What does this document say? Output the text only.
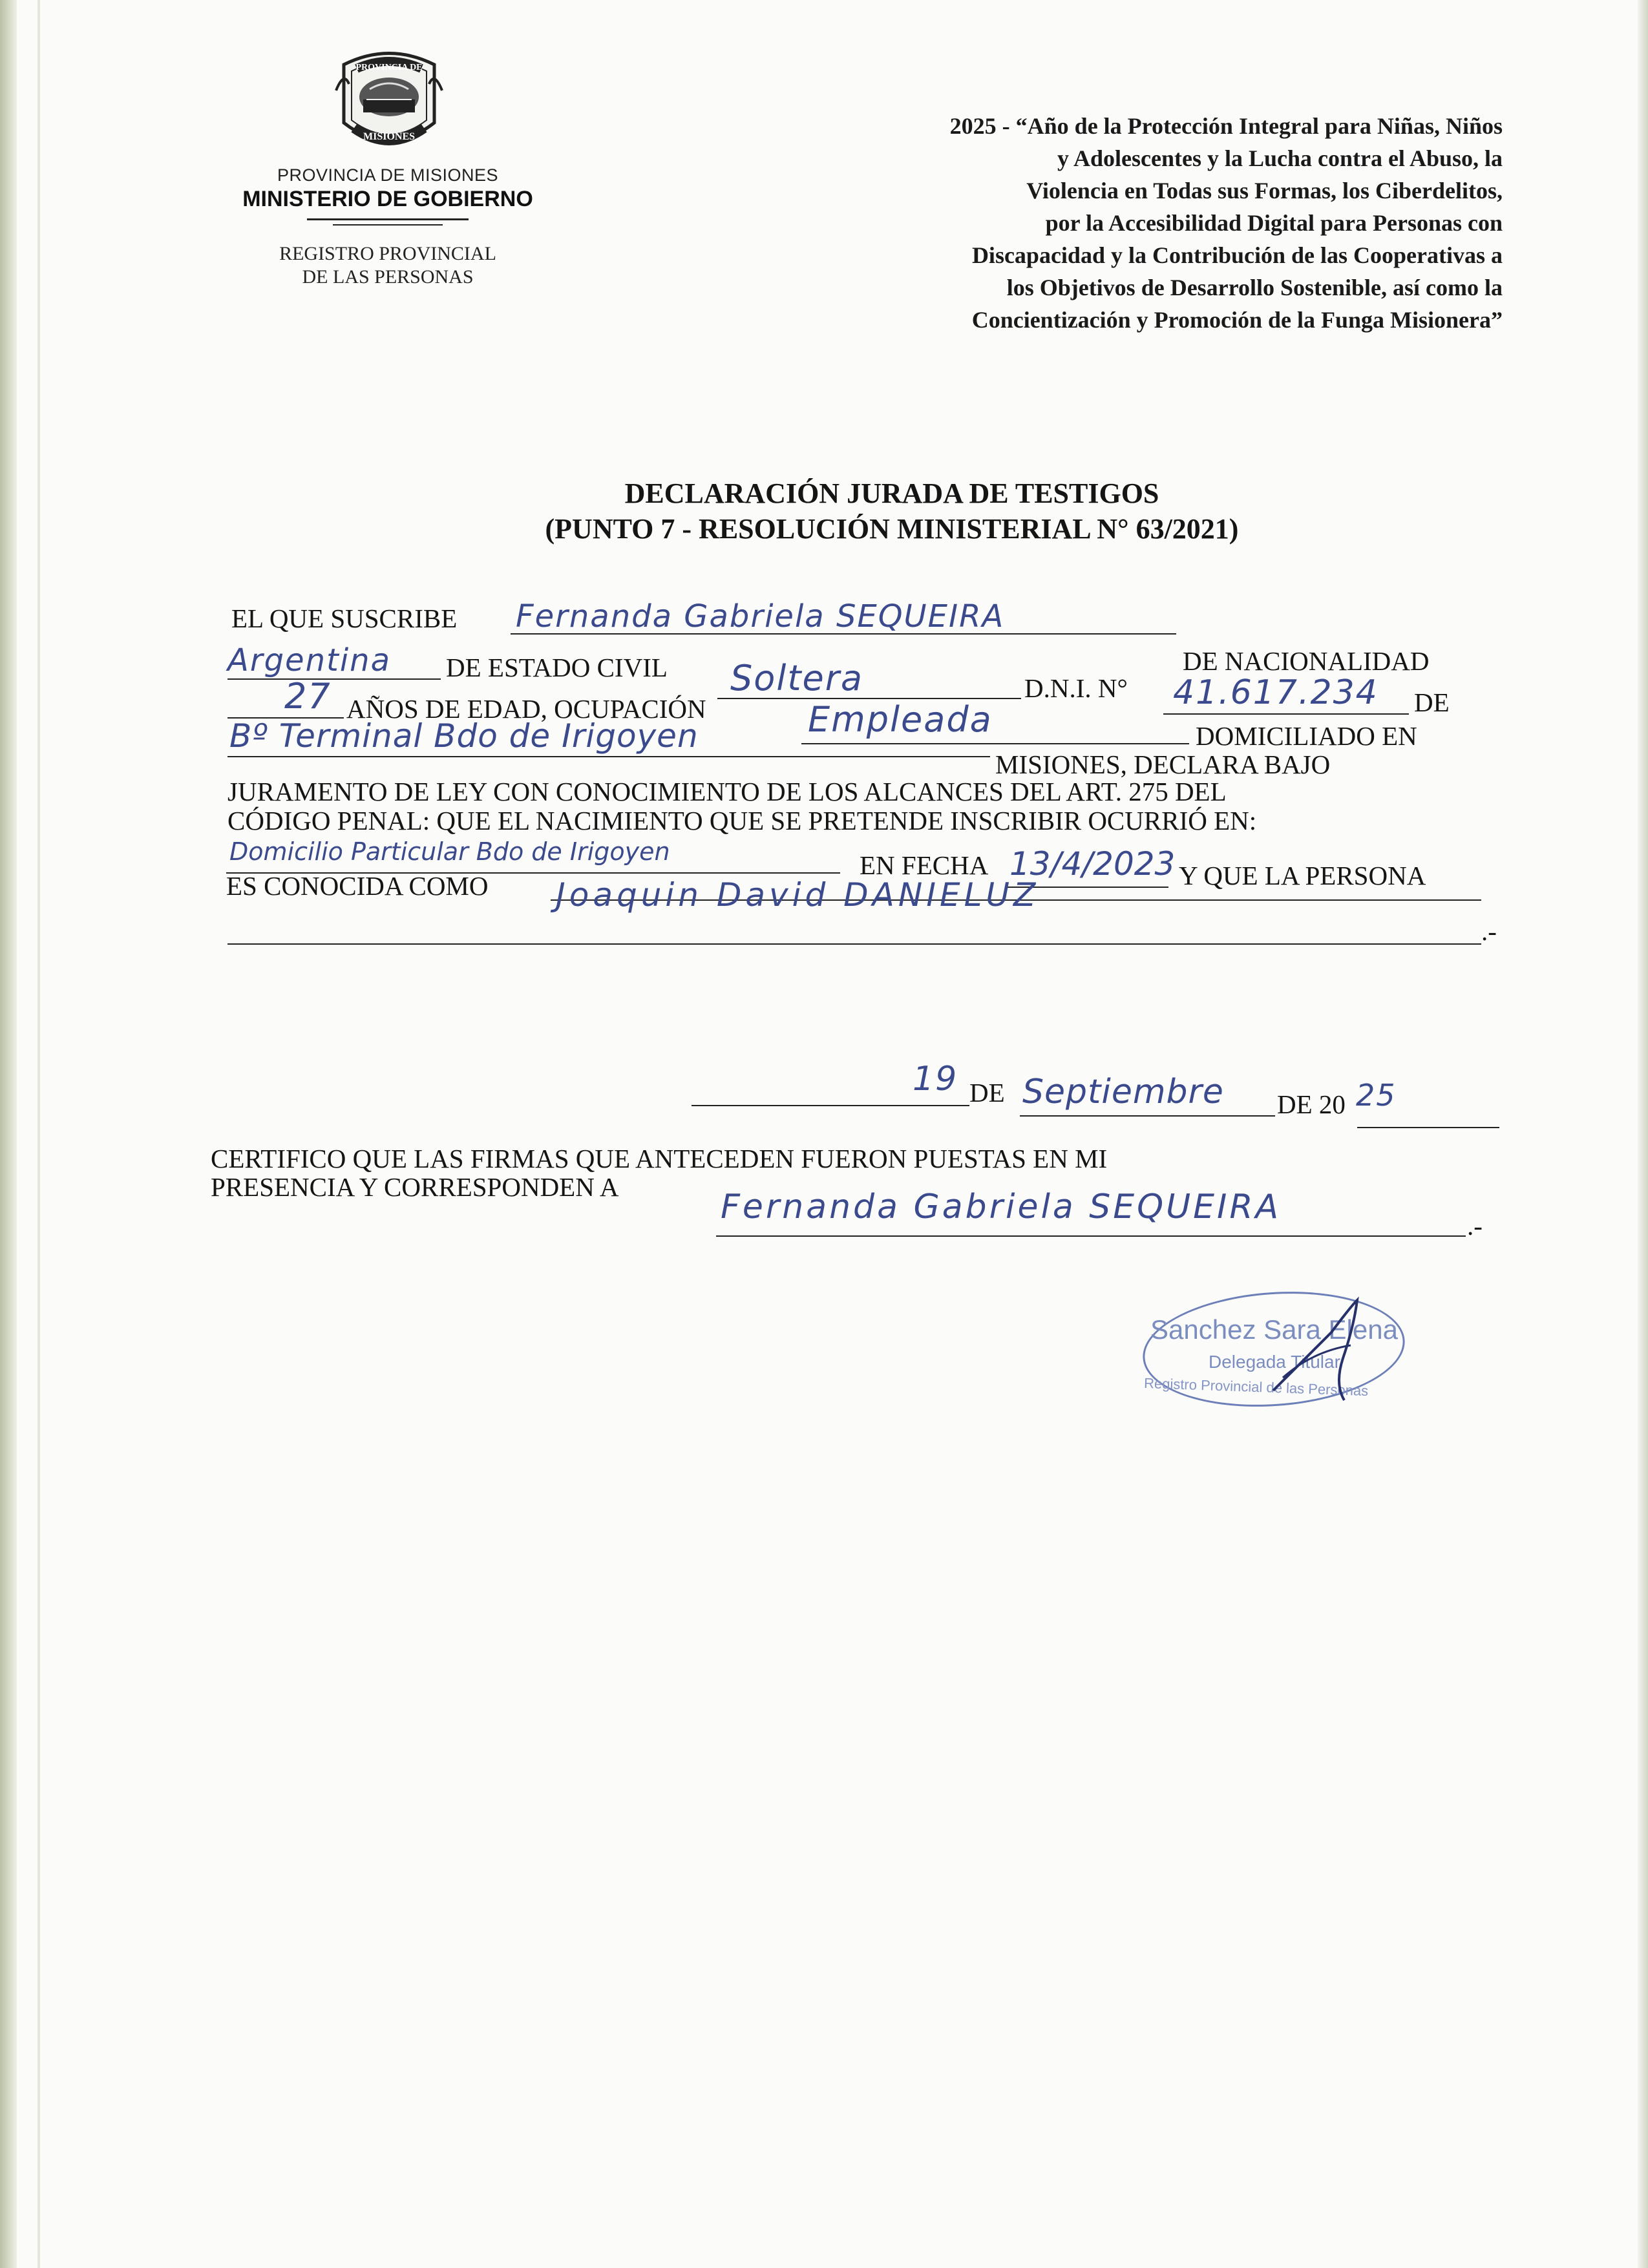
PROVINCIA DE
MISIONES
PROVINCIA DE MISIONES
MINISTERIO DE GOBIERNO
REGISTRO PROVINCIAL
DE LAS PERSONAS
2025 - “Año de la Protección Integral para Niñas, Niños
y Adolescentes y la Lucha contra el Abuso, la
Violencia en Todas sus Formas, los Ciberdelitos,
por la Accesibilidad Digital para Personas con
Discapacidad y la Contribución de las Cooperativas a
los Objetivos de Desarrollo Sostenible, así como la
Concientización y Promoción de la Funga Misionera”
DECLARACIÓN JURADA DE TESTIGOS
(PUNTO 7 - RESOLUCIÓN MINISTERIAL N° 63/2021)
EL QUE SUSCRIBE Fernanda Gabriela SEQUEIRA
DE NACIONALIDAD
Argentina DE ESTADO CIVIL Soltera	D.N.I. N° 41.617.234 DE
27 AÑOS DE EDAD, OCUPACIÓN	Empleada	DOMICILIADO EN
Bº Terminal Bdo de Irigoyen
MISIONES, DECLARA BAJO
JURAMENTO DE LEY CON CONOCIMIENTO DE LOS ALCANCES DEL ART. 275 DEL
CÓDIGO PENAL: QUE EL NACIMIENTO QUE SE PRETENDE INSCRIBIR OCURRIÓ EN:
Domicilio Particular Bdo de Irigoyen	EN FECHA 13/4/2023 Y QUE LA PERSONA
ES CONOCIDA COMO Joaquin David DANIELUZ
.-
19 DE Septiembre DE 20 25
CERTIFICO QUE LAS FIRMAS QUE ANTECEDEN FUERON PUESTAS EN MI
PRESENCIA Y CORRESPONDEN A
Fernanda Gabriela SEQUEIRA	.-
Sanchez Sara Elena
Delegada Titular
Registro Provincial de las Personas
